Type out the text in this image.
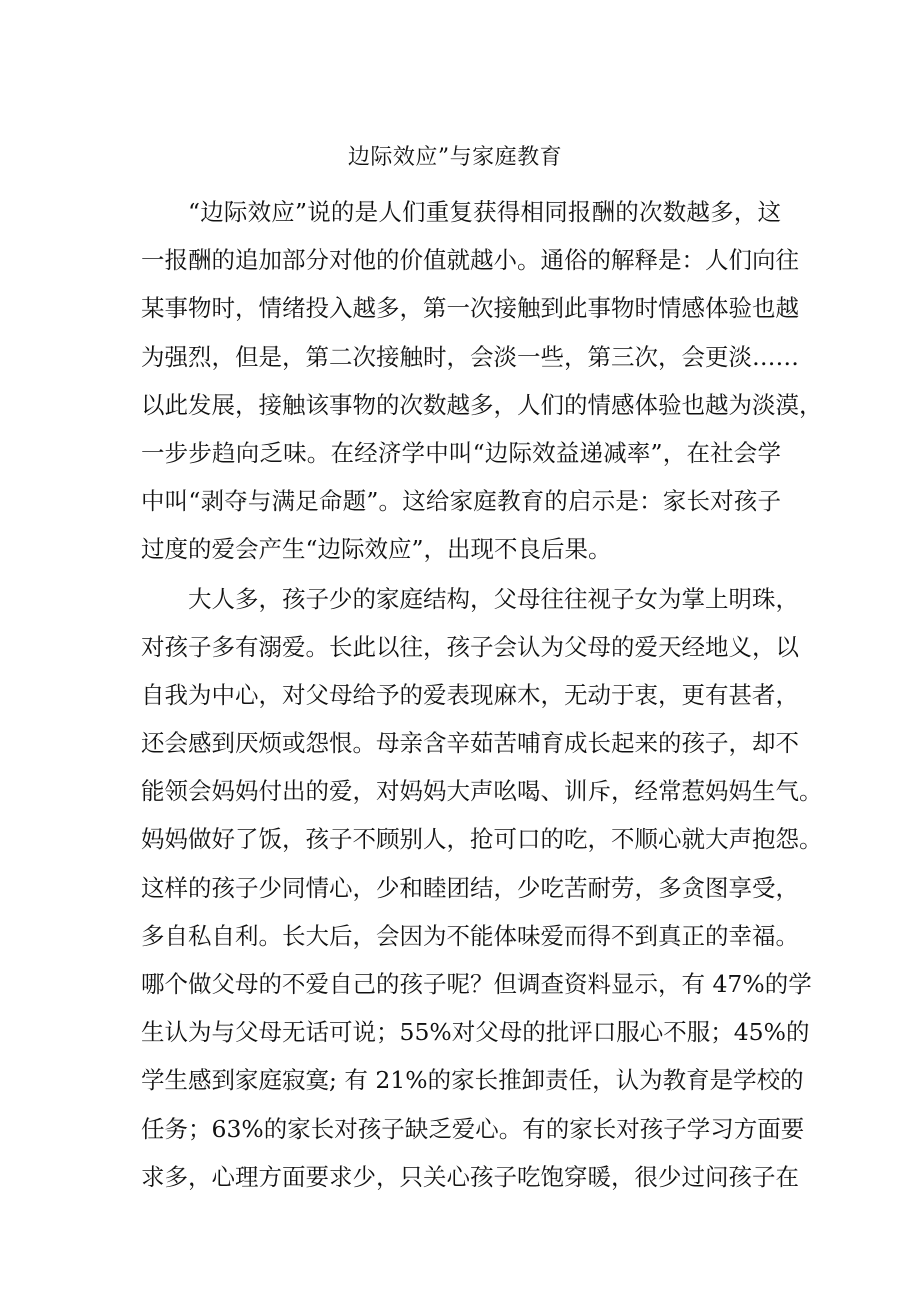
边际效应”与家庭教育
“边际效应”说的是人们重复获得相同报酬的次数越多，这
一报酬的追加部分对他的价值就越小。通俗的解释是：人们向往
某事物时，情绪投入越多，第一次接触到此事物时情感体验也越
为强烈，但是，第二次接触时，会淡一些，第三次，会更淡……
以此发展，接触该事物的次数越多，人们的情感体验也越为淡漠，
一步步趋向乏味。在经济学中叫“边际效益递减率”，在社会学
中叫“剥夺与满足命题”。这给家庭教育的启示是：家长对孩子
过度的爱会产生“边际效应”，出现不良后果。
大人多，孩子少的家庭结构，父母往往视子女为掌上明珠，
对孩子多有溺爱。长此以往，孩子会认为父母的爱天经地义，以
自我为中心，对父母给予的爱表现麻木，无动于衷，更有甚者，
还会感到厌烦或怨恨。母亲含辛茹苦哺育成长起来的孩子，却不
能领会妈妈付出的爱，对妈妈大声吆喝、训斥，经常惹妈妈生气。
妈妈做好了饭，孩子不顾别人，抢可口的吃，不顺心就大声抱怨。
这样的孩子少同情心，少和睦团结，少吃苦耐劳，多贪图享受，
多自私自利。长大后，会因为不能体味爱而得不到真正的幸福。
哪个做父母的不爱自己的孩子呢？但调查资料显示，有 47%的学
生认为与父母无话可说；55%对父母的批评口服心不服；45%的
学生感到家庭寂寞; 有 21%的家长推卸责任，认为教育是学校的
任务；63%的家长对孩子缺乏爱心。有的家长对孩子学习方面要
求多，心理方面要求少，只关心孩子吃饱穿暖，很少过问孩子在
